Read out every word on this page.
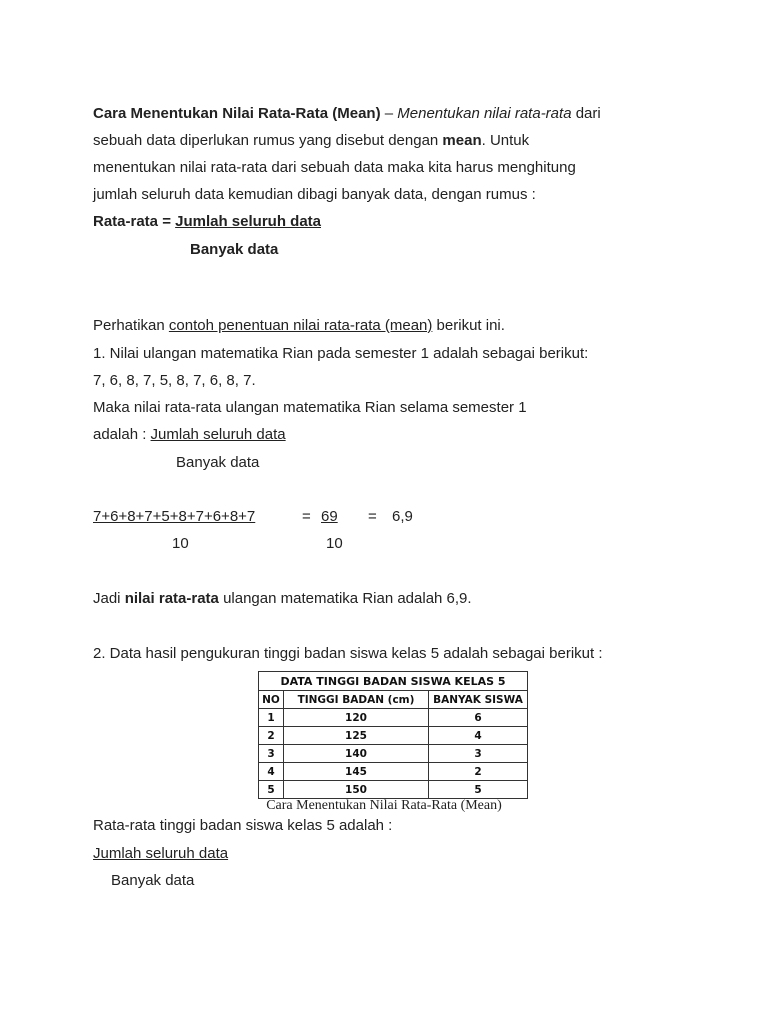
Cara Menentukan Nilai Rata-Rata (Mean) – Menentukan nilai rata-rata dari
sebuah data diperlukan rumus yang disebut dengan mean. Untuk
menentukan nilai rata-rata dari sebuah data maka kita harus menghitung
jumlah seluruh data kemudian dibagi banyak data, dengan rumus :
Rata-rata = Jumlah seluruh data
Banyak data
Perhatikan contoh penentuan nilai rata-rata (mean) berikut ini.
1. Nilai ulangan matematika Rian pada semester 1 adalah sebagai berikut:
7, 6, 8, 7, 5, 8, 7, 6, 8, 7.
Maka nilai rata-rata ulangan matematika Rian selama semester 1
adalah : Jumlah seluruh data
Banyak data
7+6+8+7+5+8+7+6+8+7	= 69 = 6,9
10	10
Jadi nilai rata-rata ulangan matematika Rian adalah 6,9.
2. Data hasil pengukuran tinggi badan siswa kelas 5 adalah sebagai berikut :
DATA TINGGI BADAN SISWA KELAS 5		
NO	TINGGI BADAN (cm)	BANYAK SISWA
1	120	6
2	125	4
3	140	3
4	145	2
5	150	5
Cara Menentukan Nilai Rata-Rata (Mean)
Rata-rata tinggi badan siswa kelas 5 adalah :
Jumlah seluruh data
Banyak data
